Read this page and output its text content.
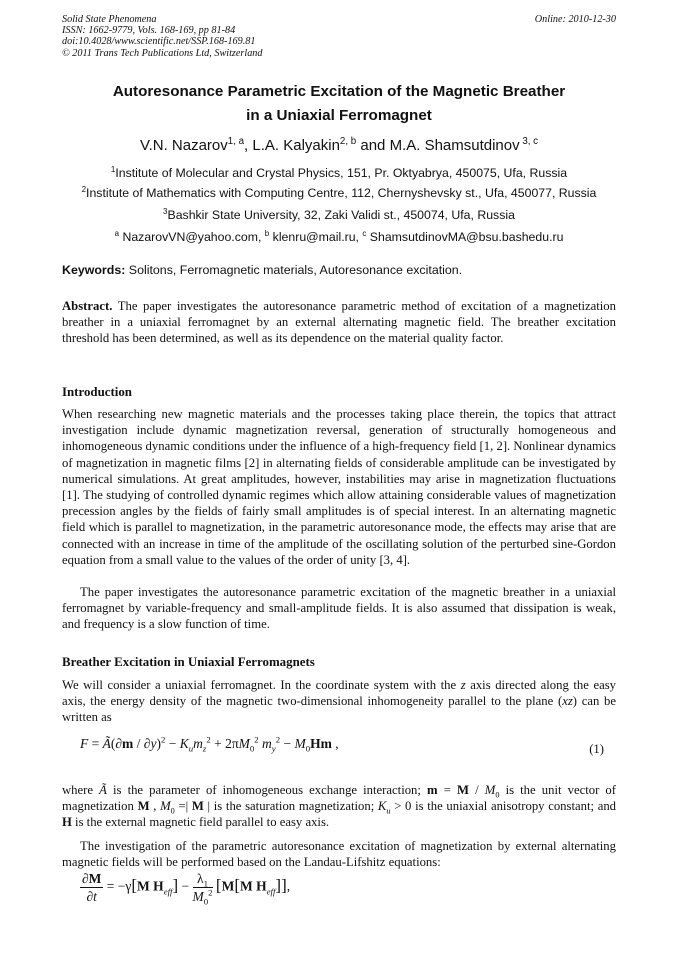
Solid State Phenomena
ISSN: 1662-9779, Vols. 168-169, pp 81-84
doi:10.4028/www.scientific.net/SSP.168-169.81
© 2011 Trans Tech Publications Ltd, Switzerland
Online: 2010-12-30
Autoresonance Parametric Excitation of the Magnetic Breather
in a Uniaxial Ferromagnet
V.N. Nazarov$^{1, a}$, L.A. Kalyakin$^{2, b}$ and M.A. Shamsutdinov $^{3, c}$
$^1$Institute of Molecular and Crystal Physics, 151, Pr. Oktyabrya, 450075, Ufa, Russia
$^2$Institute of Mathematics with Computing Centre, 112, Chernyshevsky st., Ufa, 450077, Russia
$^3$Bashkir State University, 32, Zaki Validi st., 450074, Ufa, Russia
$^a$ NazarovVN@yahoo.com, $^b$ klenru@mail.ru, $^c$ ShamsutdinovMA@bsu.bashedu.ru
Keywords: Solitons, Ferromagnetic materials, Autoresonance excitation.
Abstract. The paper investigates the autoresonance parametric method of excitation of a magnetization breather in a uniaxial ferromagnet by an external alternating magnetic field. The breather excitation threshold has been determined, as well as its dependence on the material quality factor.
Introduction
When researching new magnetic materials and the processes taking place therein, the topics that attract investigation include dynamic magnetization reversal, generation of structurally homogeneous and inhomogeneous dynamic conditions under the influence of a high-frequency field [1, 2]. Nonlinear dynamics of magnetization in magnetic films [2] in alternating fields of considerable amplitude can be investigated by numerical simulations. At great amplitudes, however, instabilities may arise in magnetization fluctuations [1]. The studying of controlled dynamic regimes which allow attaining considerable values of magnetization precession angles by the fields of fairly small amplitudes is of special interest. In an alternating magnetic field which is parallel to magnetization, in the parametric autoresonance mode, the effects may arise that are connected with an increase in time of the amplitude of the oscillating solution of the perturbed sine-Gordon equation from a small value to the values of the order of unity [3, 4].
The paper investigates the autoresonance parametric excitation of the magnetic breather in a uniaxial ferromagnet by variable-frequency and small-amplitude fields. It is also assumed that dissipation is weak, and frequency is a slow function of time.
Breather Excitation in Uniaxial Ferromagnets
We will consider a uniaxial ferromagnet. In the coordinate system with the z axis directed along the easy axis, the energy density of the magnetic two-dimensional inhomogeneity parallel to the plane (xz) can be written as
F = Ã(∂m / $\partial y)^2 - K_um_z^2 + 2\pi M_0^2$ $m_y^2 - M_0Hm$ ,	(1)
where Ã is the parameter of inhomogeneous exchange interaction; $m = M / M_0$ is the unit vector of magnetization M , $M_0$ =| M | is the saturation magnetization; $K_u > 0$ is the uniaxial anisotropy constant; and H is the external magnetic field parallel to easy axis.
The investigation of the parametric autoresonance excitation of magnetization by external alternating magnetic fields will be performed based on the Landau-Lifshitz equations:
$\frac{\partial M}{\partial t} = -\gamma[M$ $H_{eff}] - \frac{\lambda_1}{M_0^2} [M[M$ $H_{eff}$]],
